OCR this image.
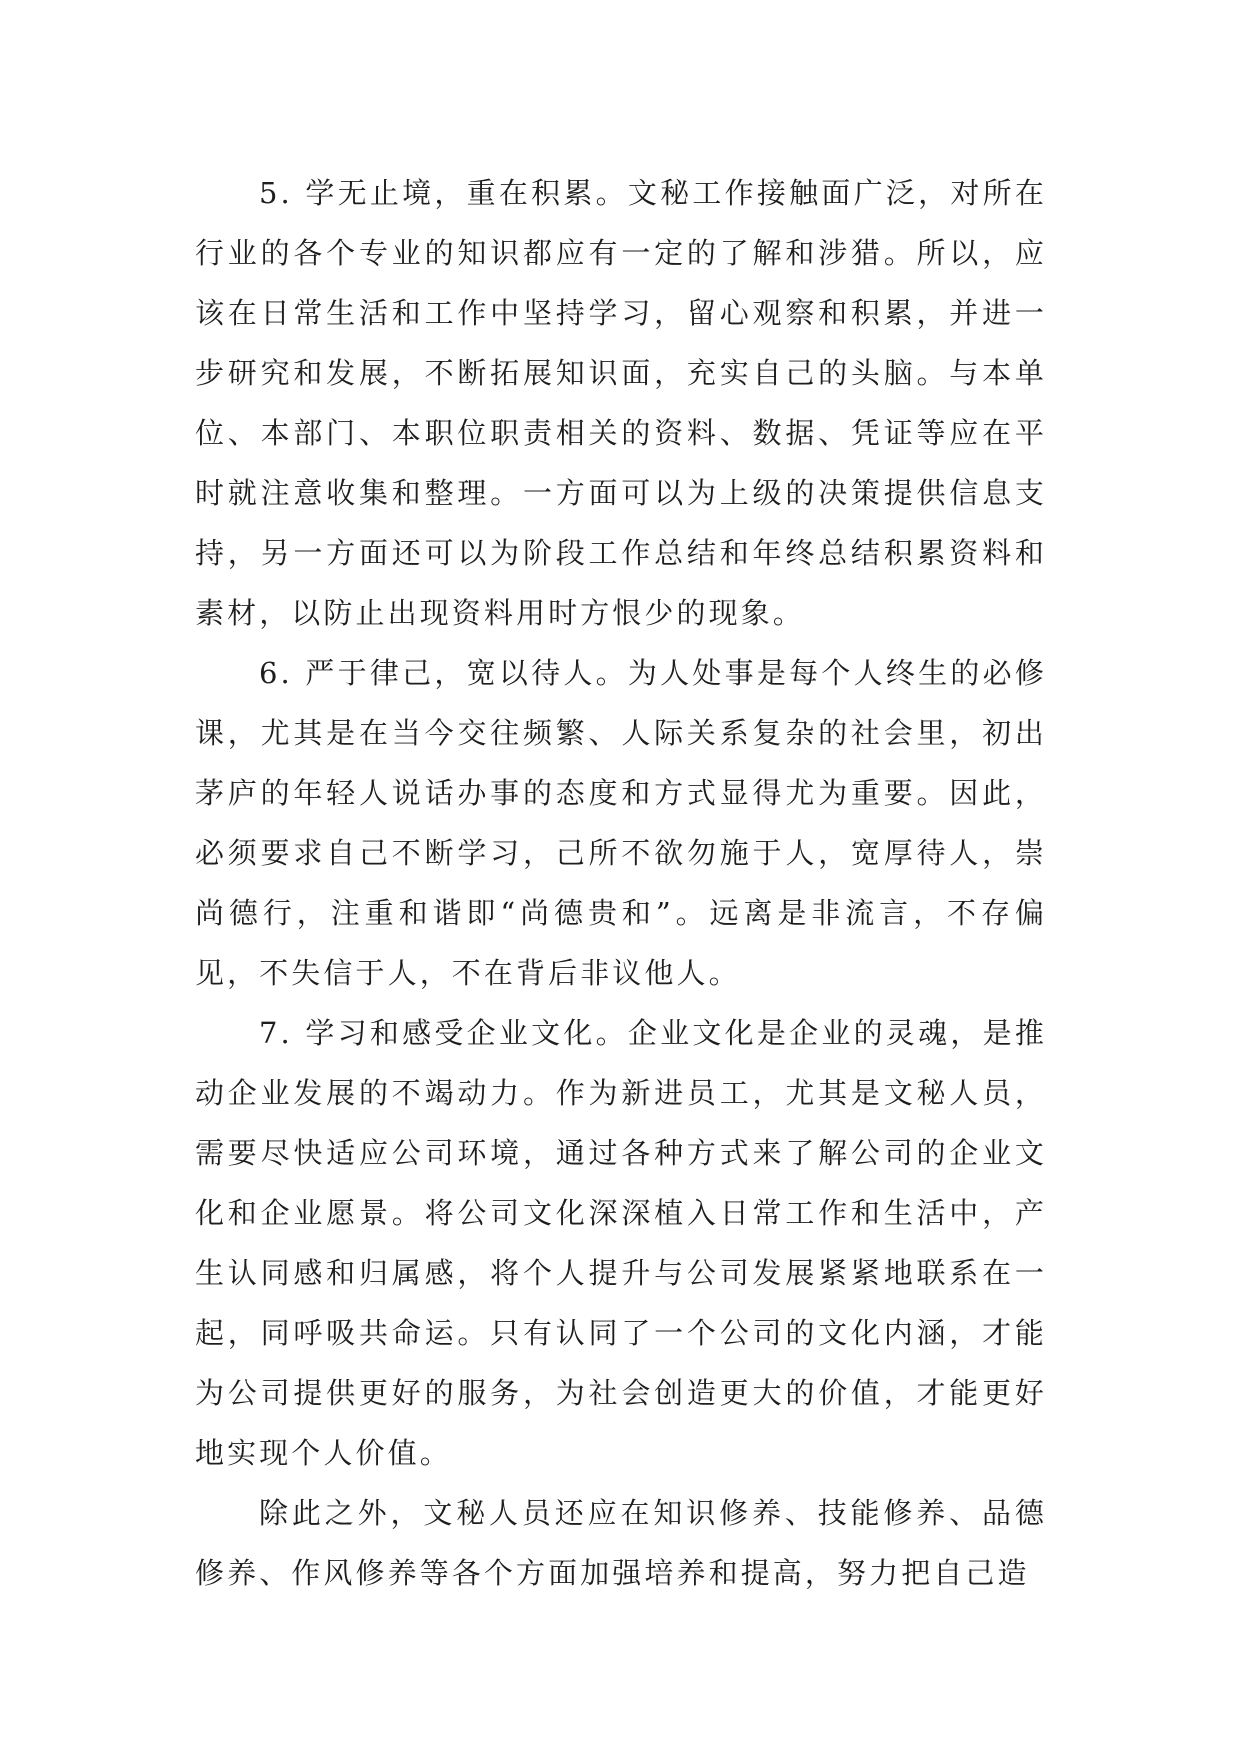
5. 学无止境，重在积累。文秘工作接触面广泛，对所在行业的各个专业的知识都应有一定的了解和涉猎。所以，应该在日常生活和工作中坚持学习，留心观察和积累，并进一步研究和发展，不断拓展知识面，充实自己的头脑。与本单位、本部门、本职位职责相关的资料、数据、凭证等应在平时就注意收集和整理。一方面可以为上级的决策提供信息支持，另一方面还可以为阶段工作总结和年终总结积累资料和素材，以防止出现资料用时方恨少的现象。

6. 严于律己，宽以待人。为人处事是每个人终生的必修课，尤其是在当今交往频繁、人际关系复杂的社会里，初出茅庐的年轻人说话办事的态度和方式显得尤为重要。因此，必须要求自己不断学习，己所不欲勿施于人，宽厚待人，崇尚德行，注重和谐即“尚德贵和”。远离是非流言，不存偏见，不失信于人，不在背后非议他人。

7. 学习和感受企业文化。企业文化是企业的灵魂，是推动企业发展的不竭动力。作为新进员工，尤其是文秘人员，需要尽快适应公司环境，通过各种方式来了解公司的企业文化和企业愿景。将公司文化深深植入日常工作和生活中，产生认同感和归属感，将个人提升与公司发展紧紧地联系在一起，同呼吸共命运。只有认同了一个公司的文化内涵，才能为公司提供更好的服务，为社会创造更大的价值，才能更好地实现个人价值。

除此之外，文秘人员还应在知识修养、技能修养、品德修养、作风修养等各个方面加强培养和提高，努力把自己造
